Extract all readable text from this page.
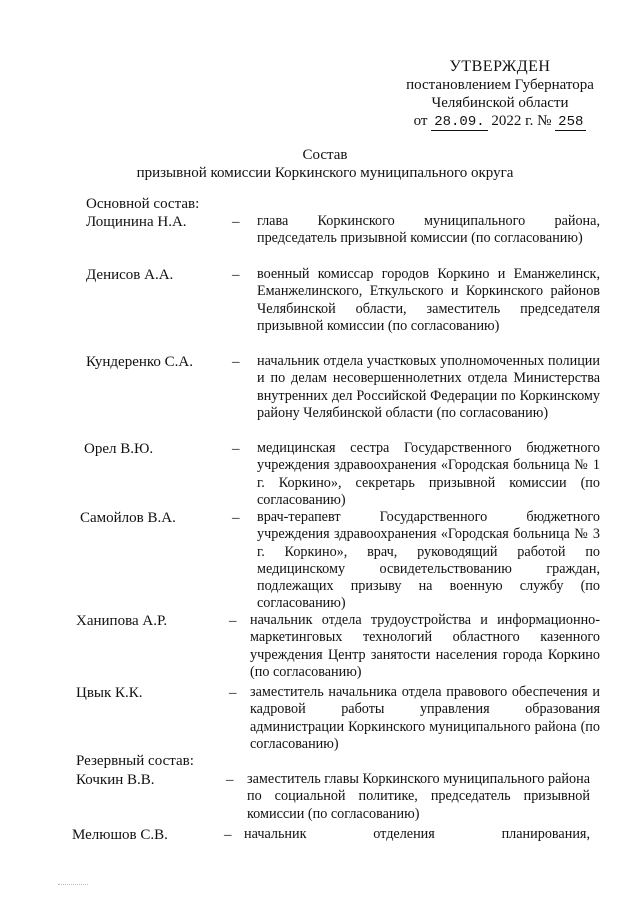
УТВЕРЖДЕН
постановлением Губернатора
Челябинской области
от 28.09. 2022 г. № 258
Состав
призывной комиссии Коркинского муниципального округа
Основной состав:
Лощинина Н.А.	– глава Коркинского муниципального района, председатель призывной комиссии (по согласованию)
Денисов А.А.	– военный комиссар городов Коркино и Еманжелинск, Еманжелинского, Еткульского и Коркинского районов Челябинской области, заместитель председателя призывной комиссии (по согласованию)
Кундеренко С.А.	– начальник отдела участковых уполномоченных полиции и по делам несовершеннолетних отдела Министерства внутренних дел Российской Федерации по Коркинскому району Челябинской области (по согласованию)
Орел В.Ю.	– медицинская сестра Государственного бюджетного учреждения здравоохранения «Городская больница № 1 г. Коркино», секретарь призывной комиссии (по согласованию)
Самойлов В.А.	– врач-терапевт Государственного бюджетного учреждения здравоохранения «Городская больница № 3 г. Коркино», врач, руководящий работой по медицинскому освидетельствованию граждан, подлежащих призыву на военную службу (по согласованию)
Ханипова А.Р.	– начальник отдела трудоустройства и информационно-маркетинговых технологий областного казенного учреждения Центр занятости населения города Коркино (по согласованию)
Цвык К.К.	– заместитель начальника отдела правового обеспечения и кадровой работы управления образования администрации Коркинского муниципального района (по согласованию)
Резервный состав:
Кочкин В.В.	– заместитель главы Коркинского муниципального района по социальной политике, председатель призывной комиссии (по согласованию)
Мелюшов С.В.	– начальник отделения планирования,
